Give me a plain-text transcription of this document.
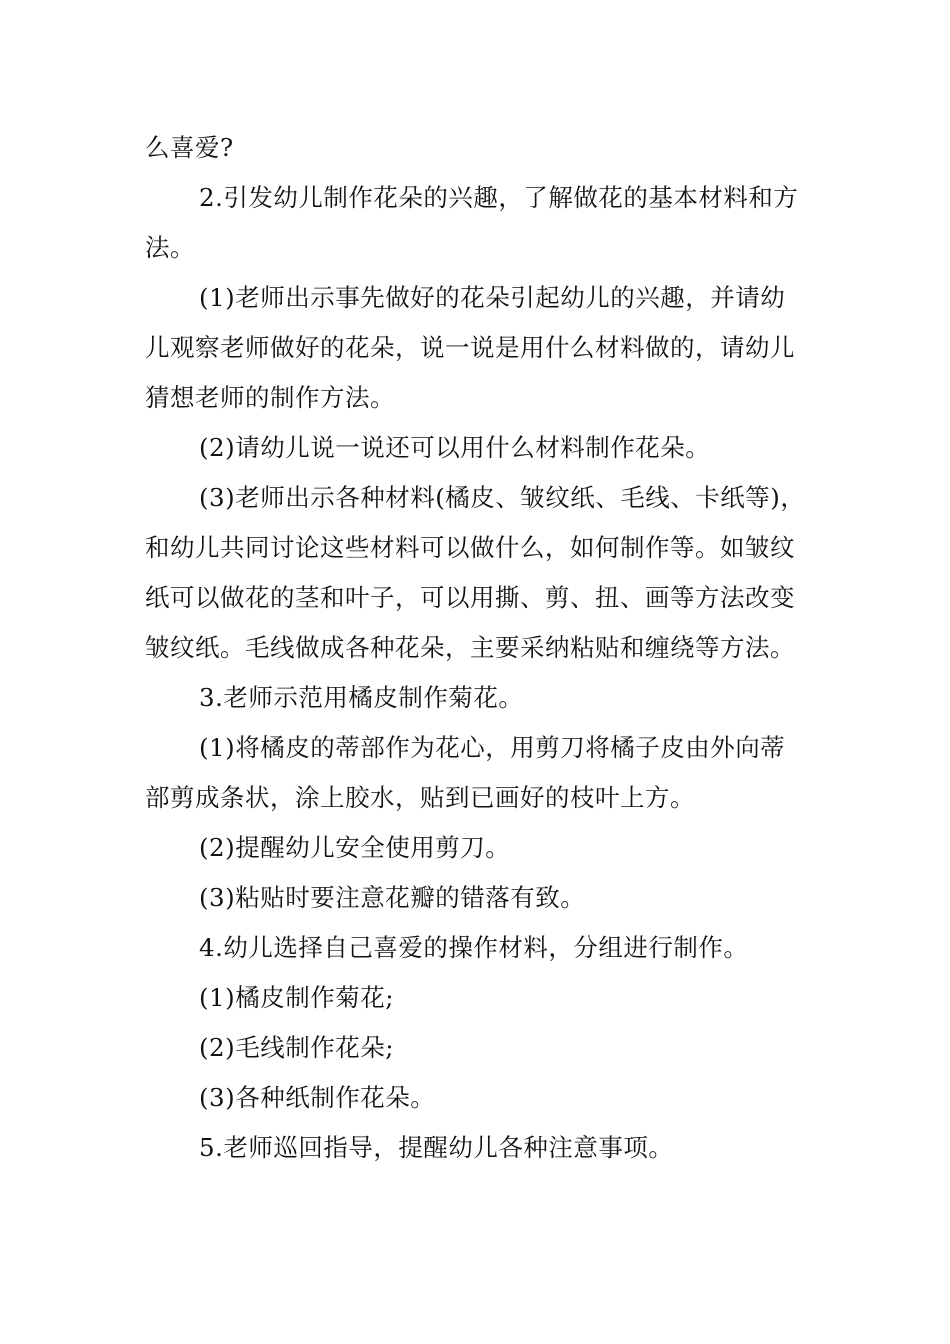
么喜爱?

2.引发幼儿制作花朵的兴趣，了解做花的基本材料和方法。

(1)老师出示事先做好的花朵引起幼儿的兴趣，并请幼儿观察老师做好的花朵，说一说是用什么材料做的，请幼儿猜想老师的制作方法。

(2)请幼儿说一说还可以用什么材料制作花朵。

(3)老师出示各种材料(橘皮、皱纹纸、毛线、卡纸等)，和幼儿共同讨论这些材料可以做什么，如何制作等。如皱纹纸可以做花的茎和叶子，可以用撕、剪、扭、画等方法改变皱纹纸。毛线做成各种花朵，主要采纳粘贴和缠绕等方法。

3.老师示范用橘皮制作菊花。

(1)将橘皮的蒂部作为花心，用剪刀将橘子皮由外向蒂部剪成条状，涂上胶水，贴到已画好的枝叶上方。

(2)提醒幼儿安全使用剪刀。

(3)粘贴时要注意花瓣的错落有致。

4.幼儿选择自己喜爱的操作材料，分组进行制作。

(1)橘皮制作菊花;

(2)毛线制作花朵;

(3)各种纸制作花朵。

5.老师巡回指导，提醒幼儿各种注意事项。
